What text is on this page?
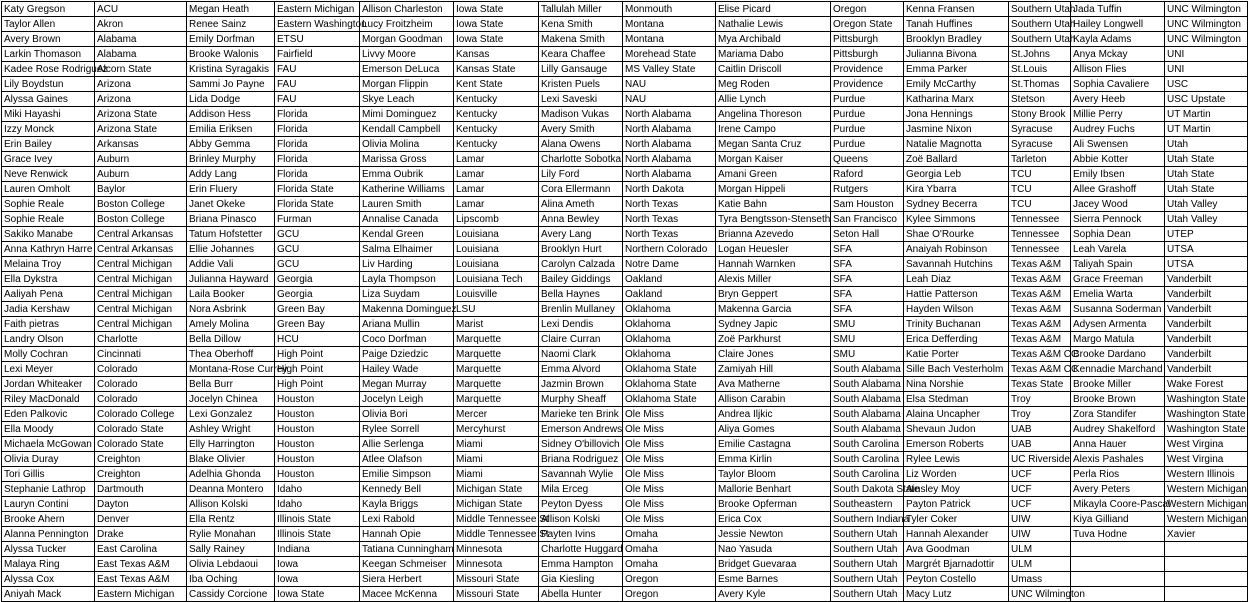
Katy Gregson	ACU	Megan Heath	Eastern Michigan	Allison Charleston	Iowa State	Tallulah Miller	Monmouth	Elise Picard	Oregon	Kenna Fransen	Southern Utah	Jada Tuffin	UNC Wilmington
Taylor Allen	Akron	Renee Sainz	Eastern Washington	Lucy Froitzheim	Iowa State	Kena Smith	Montana	Nathalie Lewis	Oregon State	Tanah Huffines	Southern Utah	Hailey Longwell	UNC Wilmington
Avery Brown	Alabama	Emily Dorfman	ETSU	Morgan Goodman	Iowa State	Makena Smith	Montana	Mya Archibald	Pittsburgh	Brooklyn Bradley	Southern Utah	Kayla Adams	UNC Wilmington
Larkin Thomason	Alabama	Brooke Walonis	Fairfield	Livvy Moore	Kansas	Keara Chaffee	Morehead State	Mariama Dabo	Pittsburgh	Julianna Bivona	St.Johns	Anya Mckay	UNI
Kadee Rose Rodriguez	Alcorn State	Kristina Syragakis	FAU	Emerson DeLuca	Kansas State	Lilly Gansauge	MS Valley State	Caitlin Driscoll	Providence	Emma Parker	St.Louis	Allison Flies	UNI
Lily Boydstun	Arizona	Sammi Jo Payne	FAU	Morgan Flippin	Kent State	Kristen Puels	NAU	Meg Roden	Providence	Emily McCarthy	St.Thomas	Sophia Cavaliere	USC
Alyssa Gaines	Arizona	Lida Dodge	FAU	Skye Leach	Kentucky	Lexi Saveski	NAU	Allie Lynch	Purdue	Katharina Marx	Stetson	Avery Heeb	USC Upstate
Miki Hayashi	Arizona State	Addison Hess	Florida	Mimi Dominguez	Kentucky	Madison Vukas	North Alabama	Angelina Thoreson	Purdue	Jona Hennings	Stony Brook	Millie Perry	UT Martin
Izzy Monck	Arizona State	Emilia Eriksen	Florida	Kendall Campbell	Kentucky	Avery Smith	North Alabama	Irene Campo	Purdue	Jasmine Nixon	Syracuse	Audrey Fuchs	UT Martin
Erin Bailey	Arkansas	Abby Gemma	Florida	Olivia Molina	Kentucky	Alana Owens	North Alabama	Megan Santa Cruz	Purdue	Natalie Magnotta	Syracuse	Ali Swensen	Utah
Grace Ivey	Auburn	Brinley Murphy	Florida	Marissa Gross	Lamar	Charlotte Sobotka	North Alabama	Morgan Kaiser	Queens	Zoë Ballard	Tarleton	Abbie Kotter	Utah State
Neve Renwick	Auburn	Addy Lang	Florida	Emma Oubrik	Lamar	Lily Ford	North Alabama	Amani Green	Raford	Georgia Leb	TCU	Emily Ibsen	Utah State
Lauren Omholt	Baylor	Erin Fluery	Florida State	Katherine Williams	Lamar	Cora Ellermann	North Dakota	Morgan Hippeli	Rutgers	Kira Ybarra	TCU	Allee Grashoff	Utah State
Sophie Reale	Boston College	Janet Okeke	Florida State	Lauren Smith	Lamar	Alina Ameth	North Texas	Katie Bahn	Sam Houston	Sydney Becerra	TCU	Jacey Wood	Utah Valley
Sophie Reale	Boston College	Briana Pinasco	Furman	Annalise Canada	Lipscomb	Anna Bewley	North Texas	Tyra Bengtsson-Stenseth	San Francisco	Kylee Simmons	Tennessee	Sierra Pennock	Utah Valley
Sakiko Manabe	Central Arkansas	Tatum Hofstetter	GCU	Kendal Green	Louisiana	Avery Lang	North Texas	Brianna Azevedo	Seton Hall	Shae O'Rourke	Tennessee	Sophia Dean	UTEP
Anna Kathryn Harre	Central Arkansas	Ellie Johannes	GCU	Salma Elhaimer	Louisiana	Brooklyn Hurt	Northern Colorado	Logan Heuesler	SFA	Anaiyah Robinson	Tennessee	Leah Varela	UTSA
Melaina Troy	Central Michigan	Addie Vali	GCU	Liv Harding	Louisiana	Carolyn Calzada	Notre Dame	Hannah Warnken	SFA	Savannah Hutchins	Texas A&M	Taliyah Spain	UTSA
Ella Dykstra	Central Michigan	Julianna Hayward	Georgia	Layla Thompson	Louisiana Tech	Bailey Giddings	Oakland	Alexis Miller	SFA	Leah Diaz	Texas A&M	Grace Freeman	Vanderbilt
Aaliyah Pena	Central Michigan	Laila Booker	Georgia	Liza Suydam	Louisville	Bella Haynes	Oakland	Bryn Geppert	SFA	Hattie Patterson	Texas A&M	Emelia Warta	Vanderbilt
Jadia Kershaw	Central Michigan	Nora Asbrink	Green Bay	Makenna Dominguez	LSU	Brenlin Mullaney	Oklahoma	Makenna Garcia	SFA	Hayden Wilson	Texas A&M	Susanna Soderman	Vanderbilt
Faith pietras	Central Michigan	Amely Molina	Green Bay	Ariana Mullin	Marist	Lexi Dendis	Oklahoma	Sydney Japic	SMU	Trinity Buchanan	Texas A&M	Adysen Armenta	Vanderbilt
Landry Olson	Charlotte	Bella Dillow	HCU	Coco Dorfman	Marquette	Claire Curran	Oklahoma	Zoë Parkhurst	SMU	Erica Defferding	Texas A&M	Margo Matula	Vanderbilt
Molly Cochran	Cincinnati	Thea Oberhoff	High Point	Paige Dziedzic	Marquette	Naomi Clark	Oklahoma	Claire Jones	SMU	Katie Porter	Texas A&M CC	Brooke Dardano	Vanderbilt
Lexi Meyer	Colorado	Montana-Rose Currey	High Point	Hailey Wade	Marquette	Emma Alvord	Oklahoma State	Zamiyah Hill	South Alabama	Sille Bach Vesterholm	Texas A&M CC	Kennadie Marchand	Vanderbilt
Jordan Whiteaker	Colorado	Bella Burr	High Point	Megan Murray	Marquette	Jazmin Brown	Oklahoma State	Ava Matherne	South Alabama	Nina Norshie	Texas State	Brooke Miller	Wake Forest
Riley MacDonald	Colorado	Jocelyn Chinea	Houston	Jocelyn Leigh	Marquette	Murphy Sheaff	Oklahoma State	Allison Carabin	South Alabama	Elsa Stedman	Troy	Brooke Brown	Washington State
Eden Palkovic	Colorado College	Lexi Gonzalez	Houston	Olivia Bori	Mercer	Marieke ten Brink	Ole Miss	Andrea Iljkic	South Alabama	Alaina Uncapher	Troy	Zora Standifer	Washington State
Ella Moody	Colorado State	Ashley Wright	Houston	Rylee Sorrell	Mercyhurst	Emerson Andrews	Ole Miss	Aliya Gomes	South Alabama	Shevaun Judon	UAB	Audrey Shakelford	Washington State
Michaela McGowan	Colorado State	Elly Harrington	Houston	Allie Serlenga	Miami	Sidney O'billovich	Ole Miss	Emilie Castagna	South Carolina	Emerson Roberts	UAB	Anna Hauer	West Virgina
Olivia Duray	Creighton	Blake Olivier	Houston	Atlee Olafson	Miami	Briana Rodriguez	Ole Miss	Emma Kirlin	South Carolina	Rylee Lewis	UC Riverside	Alexis Pashales	West Virgina
Tori Gillis	Creighton	Adelhia Ghonda	Houston	Emilie Simpson	Miami	Savannah Wylie	Ole Miss	Taylor Bloom	South Carolina	Liz Worden	UCF	Perla Rios	Western Illinois
Stephanie Lathrop	Dartmouth	Deanna Montero	Idaho	Kennedy Bell	Michigan State	Mila Erceg	Ole Miss	Mallorie Benhart	South Dakota State	Ainsley Moy	UCF	Avery Peters	Western Michigan
Lauryn Contini	Dayton	Allison Kolski	Idaho	Kayla Briggs	Michigan State	Peyton Dyess	Ole Miss	Brooke Opferman	Southeastern	Payton Patrick	UCF	Mikayla Coore-Pascal	Western Michigan
Brooke Ahern	Denver	Ella Rentz	Illinois State	Lexi Rabold	Middle Tennessee St	Allison Kolski	Ole Miss	Erica Cox	Southern Indiana	Tyler Coker	UIW	Kiya Gilliand	Western Michigan
Alanna Pennington	Drake	Rylie Monahan	Illinois State	Hannah Opie	Middle Tennessee St	Payten Ivins	Omaha	Jessie Newton	Southern Utah	Hannah Alexander	UIW	Tuva Hodne	Xavier
Alyssa Tucker	East Carolina	Sally Rainey	Indiana	Tatiana Cunningham	Minnesota	Charlotte Huggard	Omaha	Nao Yasuda	Southern Utah	Ava Goodman	ULM		
Malaya Ring	East Texas A&M	Olivia Lebdaoui	Iowa	Keegan Schmeiser	Minnesota	Emma Hampton	Omaha	Bridget Guevaraa	Southern Utah	Margrét Bjarnadottir	ULM		
Alyssa Cox	East Texas A&M	Iba Oching	Iowa	Siera Herbert	Missouri State	Gia Kiesling	Oregon	Esme Barnes	Southern Utah	Peyton Costello	Umass		
Aniyah Mack	Eastern Michigan	Cassidy Corcione	Iowa State	Macee McKenna	Missouri State	Abella Hunter	Oregon	Avery Kyle	Southern Utah	Macy Lutz	UNC Wilmington		
